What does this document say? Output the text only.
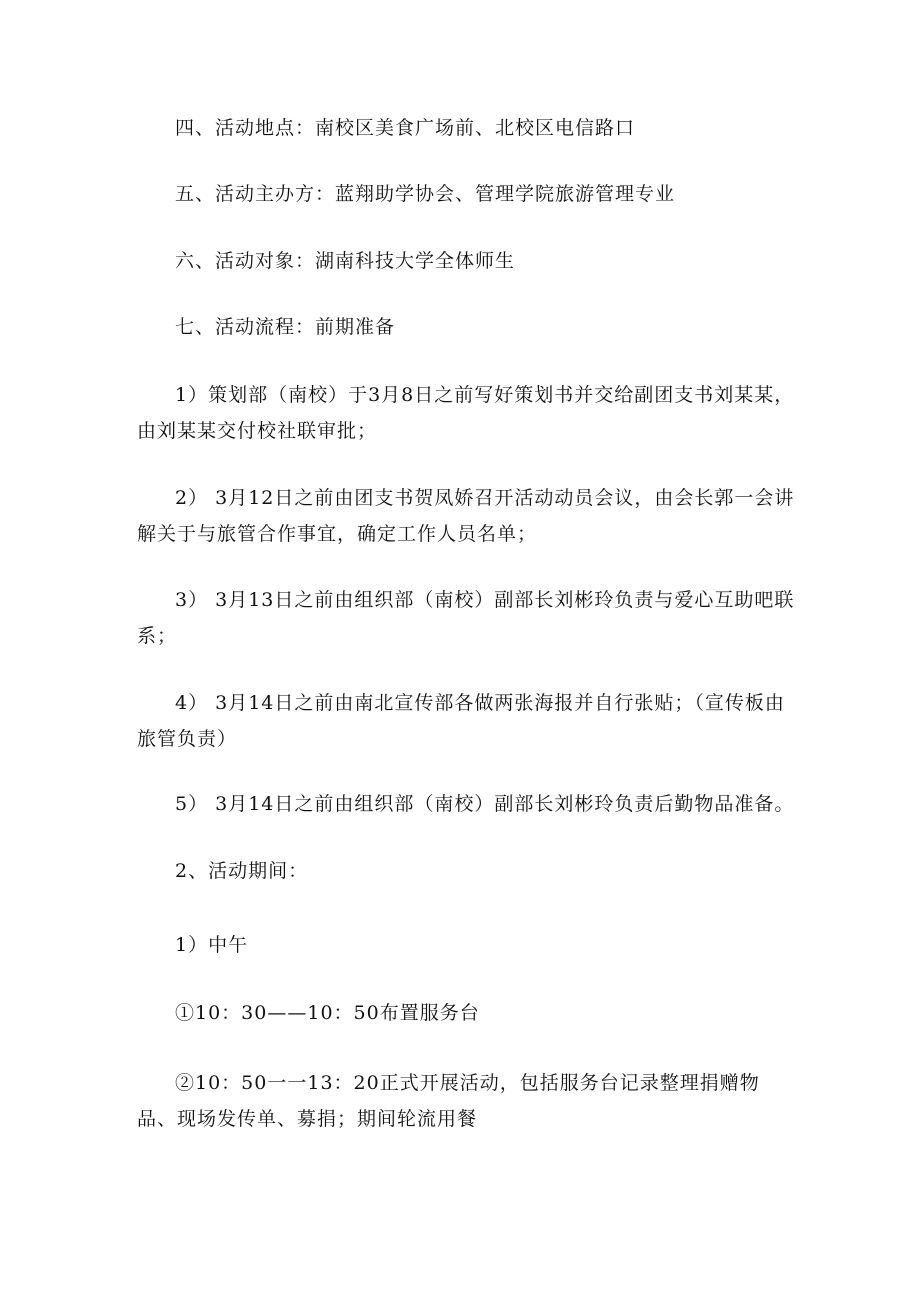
四、活动地点：南校区美食广场前、北校区电信路口

五、活动主办方：蓝翔助学协会、管理学院旅游管理专业

六、活动对象：湖南科技大学全体师生

七、活动流程：前期准备

1）策划部（南校）于3月8日之前写好策划书并交给副团支书刘某某，由刘某某交付校社联审批；

2） 3月12日之前由团支书贺凤娇召开活动动员会议，由会长郭一会讲解关于与旅管合作事宜，确定工作人员名单；

3） 3月13日之前由组织部（南校）副部长刘彬玲负责与爱心互助吧联系；

4） 3月14日之前由南北宣传部各做两张海报并自行张贴；（宣传板由旅管负责）

5） 3月14日之前由组织部（南校）副部长刘彬玲负责后勤物品准备。

2、活动期间：

1）中午

①10：30——10：50布置服务台

②10：50一一13：20正式开展活动，包括服务台记录整理捐赠物品、现场发传单、募捐；期间轮流用餐
